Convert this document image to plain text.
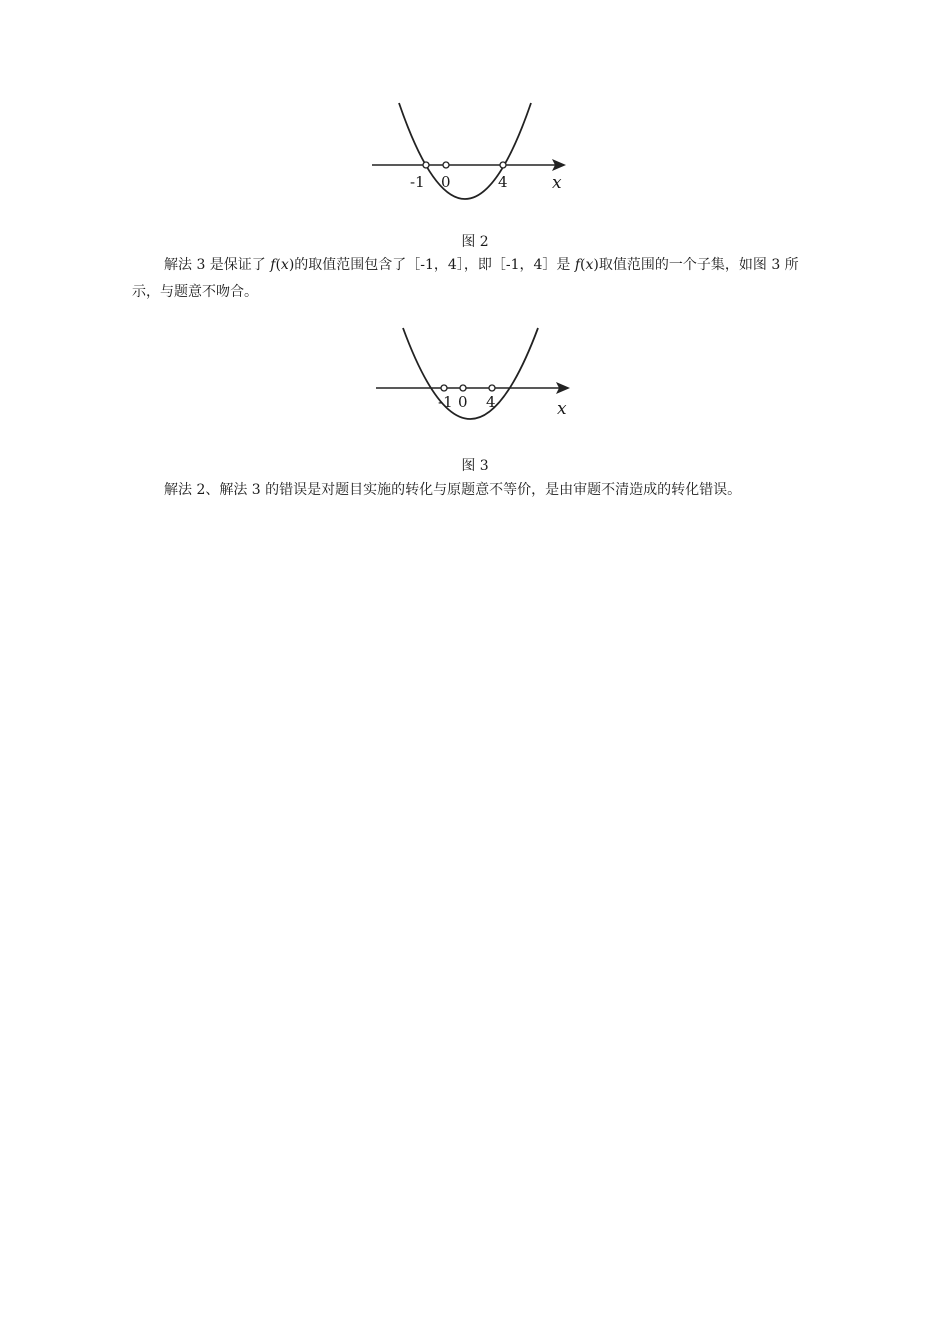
-1 0	4	x
图 2

解法 3 是保证了 f(x)的取值范围包含了［-1，4］，即［-1，4］是 f(x)取值范围的一个子集，如图 3 所示，与题意不吻合。

-1 0 4	x
图 3

解法 2、解法 3 的错误是对题目实施的转化与原题意不等价，是由审题不清造成的转化错误。
